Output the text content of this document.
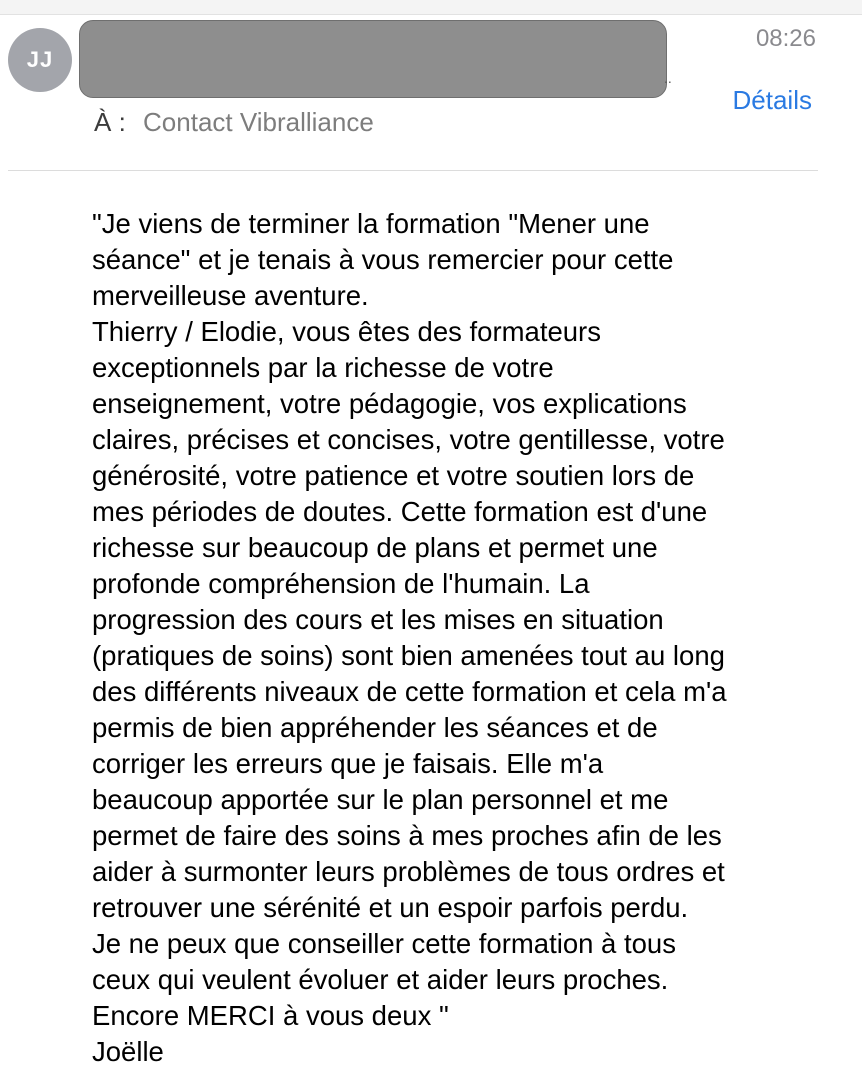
JJ
..
08:26
Détails
À : Contact Vibralliance
"Je viens de terminer la formation "Mener une
séance" et je tenais à vous remercier pour cette
merveilleuse aventure.
Thierry / Elodie, vous êtes des formateurs
exceptionnels par la richesse de votre
enseignement, votre pédagogie, vos explications
claires, précises et concises, votre gentillesse, votre
générosité, votre patience et votre soutien lors de
mes périodes de doutes. Cette formation est d'une
richesse sur beaucoup de plans et permet une
profonde compréhension de l'humain. La
progression des cours et les mises en situation
(pratiques de soins) sont bien amenées tout au long
des différents niveaux de cette formation et cela m'a
permis de bien appréhender les séances et de
corriger les erreurs que je faisais. Elle m'a
beaucoup apportée sur le plan personnel et me
permet de faire des soins à mes proches afin de les
aider à surmonter leurs problèmes de tous ordres et
retrouver une sérénité et un espoir parfois perdu.
Je ne peux que conseiller cette formation à tous
ceux qui veulent évoluer et aider leurs proches.
Encore MERCI à vous deux "
Joëlle
